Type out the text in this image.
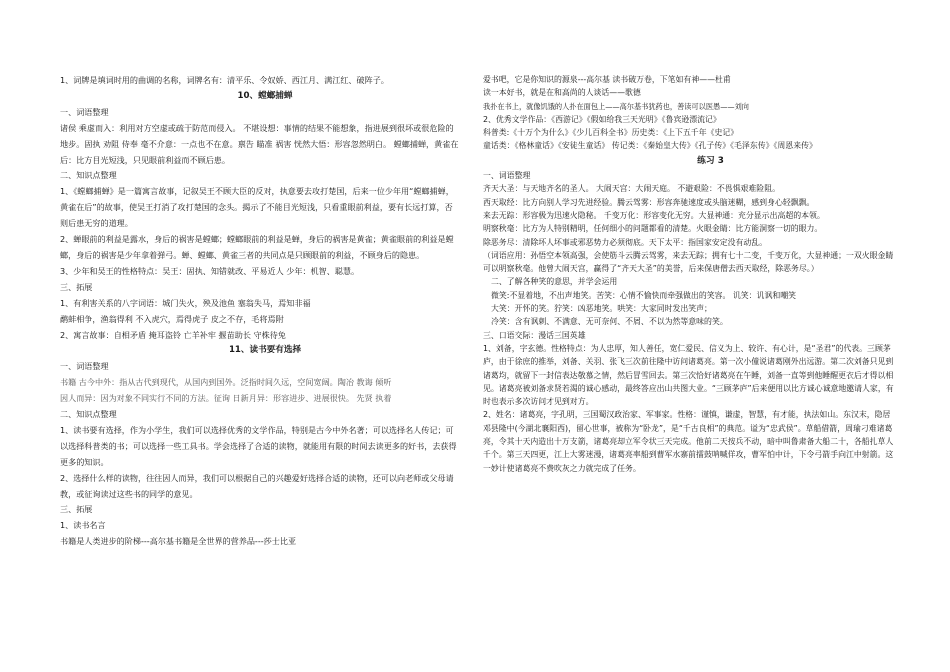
1、词牌是填词时用的曲调的名称，词牌名有：清平乐、令奴娇、西江月、满江红、破阵子。

10、螳螂捕蝉

一、词语整理

诸侯 乘虚而入：利用对方空虚或疏于防范而侵入。 不堪设想：事情的结果不能想象，指进展到很坏或很危险的地步。固执 劝阻 侍奉 毫不介意：一点也不在意。禀告 瞄准 祸害 恍然大悟：形容忽然明白。 螳螂捕蝉，黄雀在后：比方目光短浅，只见眼前利益而不顾后患。

二、知识点整理

1、《螳螂捕蝉》是一篇寓言故事，记叙吴王不顾大臣的反对，执意要去攻打楚国，后来一位少年用“螳螂捕蝉，黄雀在后”的故事，使吴王打消了攻打楚国的念头。揭示了不能目光短浅，只看重眼前利益，要有长远打算，否则后患无穷的道理。

2、蝉眼前的利益是露水，身后的祸害是螳螂；螳螂眼前的利益是蝉，身后的祸害是黄雀；黄雀眼前的利益是螳螂，身后的祸害是少年拿着弹弓。蝉、螳螂、黄雀三者的共同点是只顾眼前的利益，不顾身后的隐患。

3、少年和吴王的性格特点：吴王：固执、知错就改、平易近人 少年：机智、聪慧。

三、拓展

1、有利害关系的八字词语：城门失火，殃及池鱼 塞翁失马，焉知非福

鹬蚌相争，渔翁得利 不入虎穴，焉得虎子 皮之不存，毛将焉附

2、寓言故事：自相矛盾 掩耳盗铃 亡羊补牢 揠苗助长 守株待兔

11、读书要有选择

一、词语整理

书籍 古今中外：指从古代到现代，从国内到国外。泛指时间久远，空间宽阔。陶冶 教诲 倾听

因人而异：因为对象不同实行不同的方法。征询 日新月异：形容进步、进展很快。 先贤 执着

二、知识点整理

1、读书要有选择，作为小学生，我们可以选择优秀的文学作品，特别是古今中外名著；可以选择名人传记；可以选择科普类的书；可以选择一些工具书。学会选择了合适的读物，就能用有限的时间去读更多的好书，去获得更多的知识。

2、选择什么样的读物，往往因人而异，我们可以根据自己的兴趣爱好选择合适的读物，还可以向老师或父母请教，或征询读过这些书的同学的意见。

三、拓展

1、读书名言

书籍是人类进步的阶梯---高尔基书籍是全世界的营养品---莎士比亚

爱书吧，它是你知识的源泉---高尔基 读书破万卷，下笔如有神——杜甫

读一本好书，就是在和高尚的人谈话——歌德

我扑在书上，就像饥饿的人扑在面包上——高尔基书犹药也，善读可以医愚——刘向

2、优秀文学作品：《西游记》《假如给我三天光明》《鲁宾逊漂流记》

科普类:《十万个为什么》《少儿百科全书》历史类：《上下五千年《史记》

童话类：《格林童话》《安徒生童话》 传记类：《秦始皇大传》《孔子传》《毛泽东传》《周恩来传》

练习 3

一、词语整理

齐天大圣：与天地齐名的圣人。 大闹天宫：大闹天庭。 不避艰险：不畏惧艰难险阻。

西天取经：比方向别人学习先进经验。腾云驾雾：形容奔驰速度或头脑迷糊，感到身心轻飘飘。

来去无踪：形容极为迅速火隐秘。 千变万化：形容变化无穷。大显神通：充分显示出高超的本领。

明察秋毫：比方为人特别精明，任何细小的问题都看的清楚。火眼金睛：比方能洞察一切的眼力。

除恶务尽：清除坏人坏事或邪恶势力必须彻底。天下太平：指国家安定没有动乱。

（词语应用：孙悟空本领高强，会使筋斗云腾云驾雾，来去无踪；拥有七十二变，千变万化，大显神通；一双火眼金睛可以明察秋毫。他曾大闹天宫，赢得了“齐天大圣”的美誉，后来保唐僧去西天取经，除恶务尽。）

二、了解各种笑的意思，并学会运用

微笑:不显着地，不出声地笑。苦笑：心情不愉快而牵强做出的笑容。 讥笑：讥讽和嘲笑

大笑：开怀的笑。狞笑：凶恶地笑。哄笑：大家同时发出笑声；

冷笑：含有讽刺、不满意、无可奈何、不屑、不以为然等意味的笑。

三、口语交际：漫话三国英雄

1、刘备，字玄德。性格特点：为人忠厚，知人善任，宽仁爱民、信义为上、较许、有心计，是“圣君”的代表。三顾茅庐，由于徐庶的推举，刘备、关羽、张飞三次前往隆中访问诸葛亮。第一次小僮说诸葛刚外出远游。第二次刘备只见到诸葛均，就留下一封信表达敬慕之情，然后冒雪回去。第三次恰好诸葛亮在午睡，刘备一直等到他睡醒更衣后才得以相见。诸葛亮被刘备求贤若渴的诚心感动，最终答应出山共图大业。“三顾茅庐”后来便用以比方诚心诚意地邀请人家，有时也表示多次访问才见到对方。

2、姓名：诸葛亮，字孔明，三国蜀汉政治家、军事家。性格：谨慎，谦虚，智慧，有才能，执法如山。东汉末，隐居邓县隆中(今湖北襄阳西)，留心世事，被称为“卧龙”，是“千古良相”的典范。谥为“忠武侯”。草船借箭，周瑜刁难诸葛亮，令其十天内造出十万支箭，诸葛亮却立军令状三天完成。他前二天按兵不动，暗中叫鲁肃备大船二十，各船扎草人千个。第三天四更，江上大雾迷漫，诸葛亮率船到曹军水寨前擂鼓呐喊佯攻，曹军怕中计，下令弓箭手向江中射箭。这一妙计使诸葛亮不费吹灰之力就完成了任务。
